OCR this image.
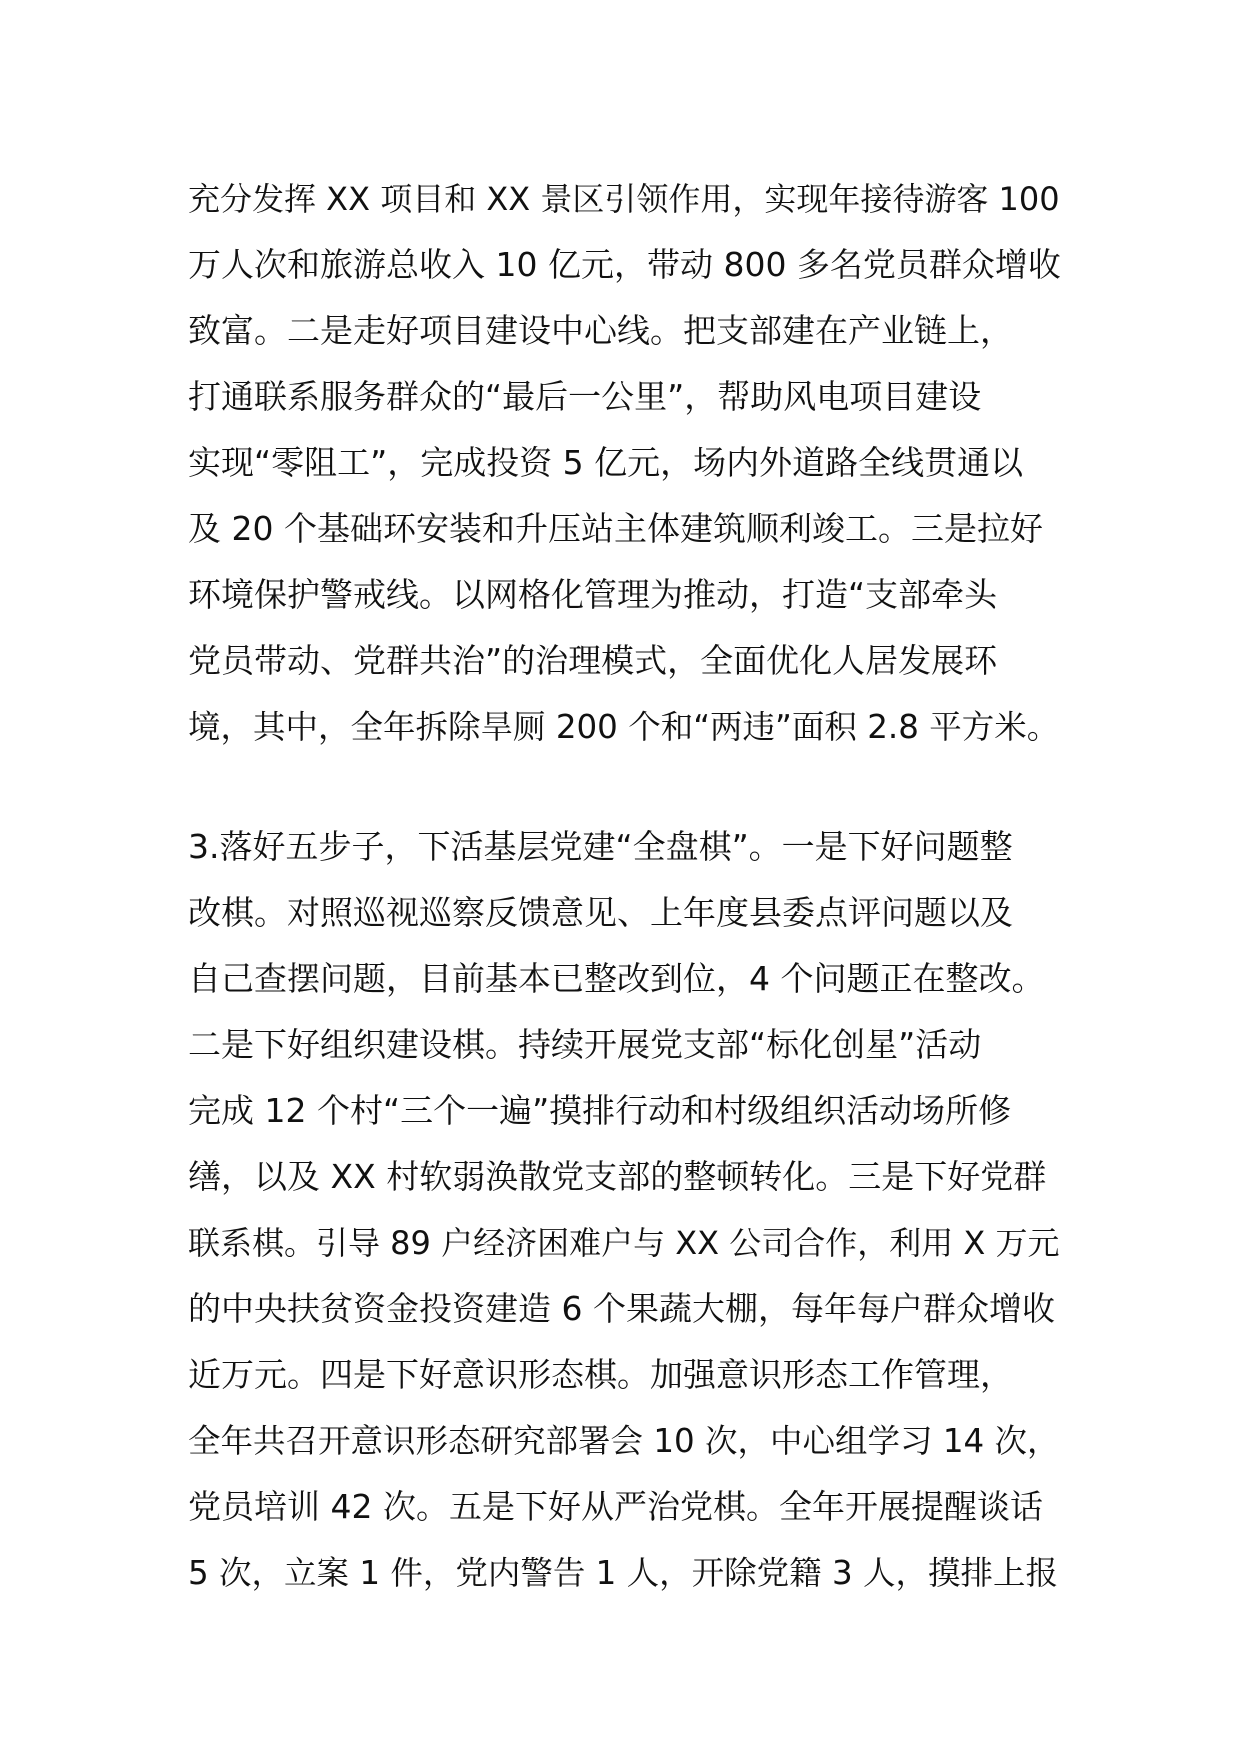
充分发挥 XX 项目和 XX 景区引领作用，实现年接待游客 100
万人次和旅游总收入 10 亿元，带动 800 多名党员群众增收
致富。二是走好项目建设中心线。把支部建在产业链上，
打通联系服务群众的“最后一公里”，帮助风电项目建设
实现“零阻工”，完成投资 5 亿元，场内外道路全线贯通以
及 20 个基础环安装和升压站主体建筑顺利竣工。三是拉好
环境保护警戒线。以网格化管理为推动，打造“支部牵头
党员带动、党群共治”的治理模式，全面优化人居发展环
境，其中，全年拆除旱厕 200 个和“两违”面积 2.8 平方米。
3.落好五步子，下活基层党建“全盘棋”。一是下好问题整
改棋。对照巡视巡察反馈意见、上年度县委点评问题以及
自己查摆问题，目前基本已整改到位，4 个问题正在整改。
二是下好组织建设棋。持续开展党支部“标化创星”活动
完成 12 个村“三个一遍”摸排行动和村级组织活动场所修
缮，以及 XX 村软弱涣散党支部的整顿转化。三是下好党群
联系棋。引导 89 户经济困难户与 XX 公司合作，利用 X 万元
的中央扶贫资金投资建造 6 个果蔬大棚，每年每户群众增收
近万元。四是下好意识形态棋。加强意识形态工作管理，
全年共召开意识形态研究部署会 10 次，中心组学习 14 次，
党员培训 42 次。五是下好从严治党棋。全年开展提醒谈话
5 次，立案 1 件，党内警告 1 人，开除党籍 3 人，摸排上报
